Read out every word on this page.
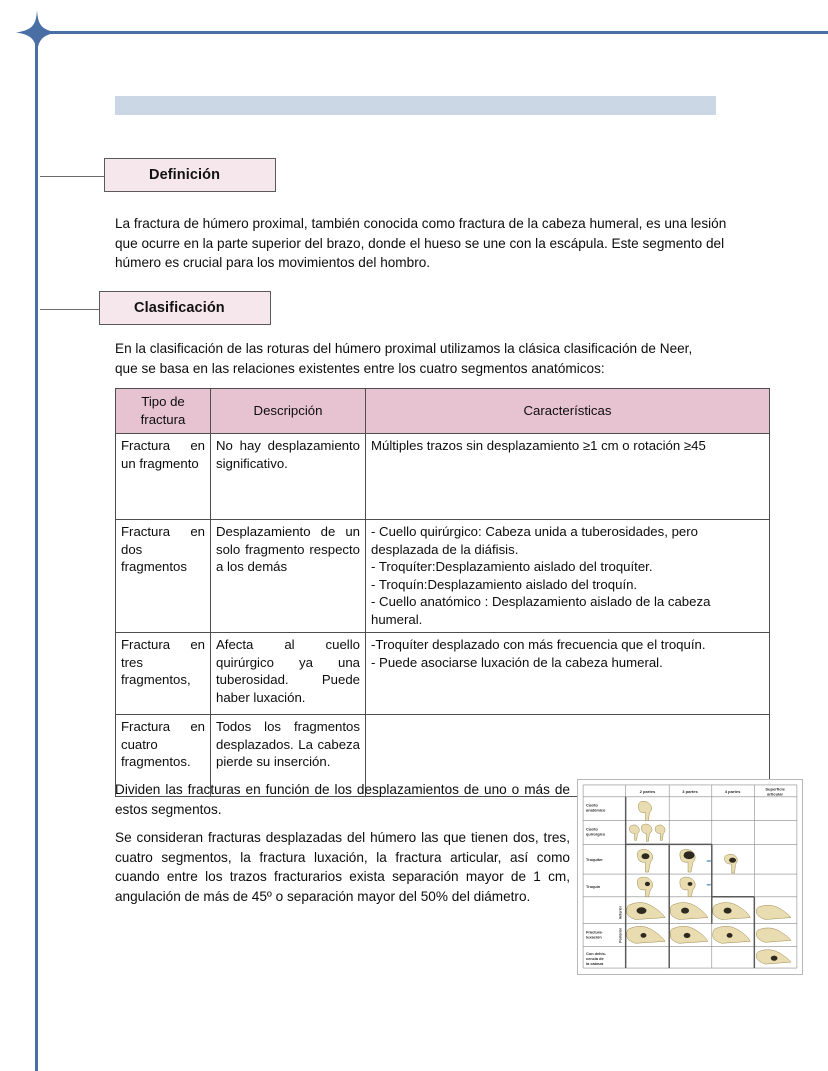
Definición
La fractura de húmero proximal, también conocida como fractura de la cabeza humeral, es una lesión que ocurre en la parte superior del brazo, donde el hueso se une con la escápula. Este segmento del húmero es crucial para los movimientos del hombro.
Clasificación
En la clasificación de las roturas del húmero proximal utilizamos la clásica clasificación de Neer, que se basa en las relaciones existentes entre los cuatro segmentos anatómicos:
Tipo de fractura	Descripción	Características
Fractura en un fragmento	No hay desplazamiento significativo.	Múltiples trazos sin desplazamiento ≥1 cm o rotación ≥45
Fractura en dos fragmentos	Desplazamiento de un solo fragmento respecto a los demás	- Cuello quirúrgico: Cabeza unida a tuberosidades, pero desplazada de la diáfisis.
- Troquíter:Desplazamiento aislado del troquíter.
- Troquín:Desplazamiento aislado del troquín.
- Cuello anatómico : Desplazamiento aislado de la cabeza humeral.
Fractura en tres fragmentos,	Afecta al cuello quirúrgico ya una tuberosidad. Puede haber luxación.	-Troquíter desplazado con más frecuencia que el troquín.
- Puede asociarse luxación de la cabeza humeral.
Fractura en cuatro fragmentos.	Todos los fragmentos desplazados. La cabeza pierde su inserción.	
Dividen las fracturas en función de los desplazamientos de uno o más de estos segmentos.
Se consideran fracturas desplazadas del húmero las que tienen dos, tres, cuatro segmentos, la fractura luxación, la fractura articular, así como cuando entre los trazos fracturarios exista separación mayor de 1 cm, angulación de más de 45º o separación mayor del 50% del diámetro.
2 partes	3 partes	4 partes	Superficie
articular
Cuello
anatómico
Cuello
quirúrgico
Troquíter
Troquín
Fractura-
luxación
Con dehis-
cencia de
la cabeza
Anterior
Posterior
